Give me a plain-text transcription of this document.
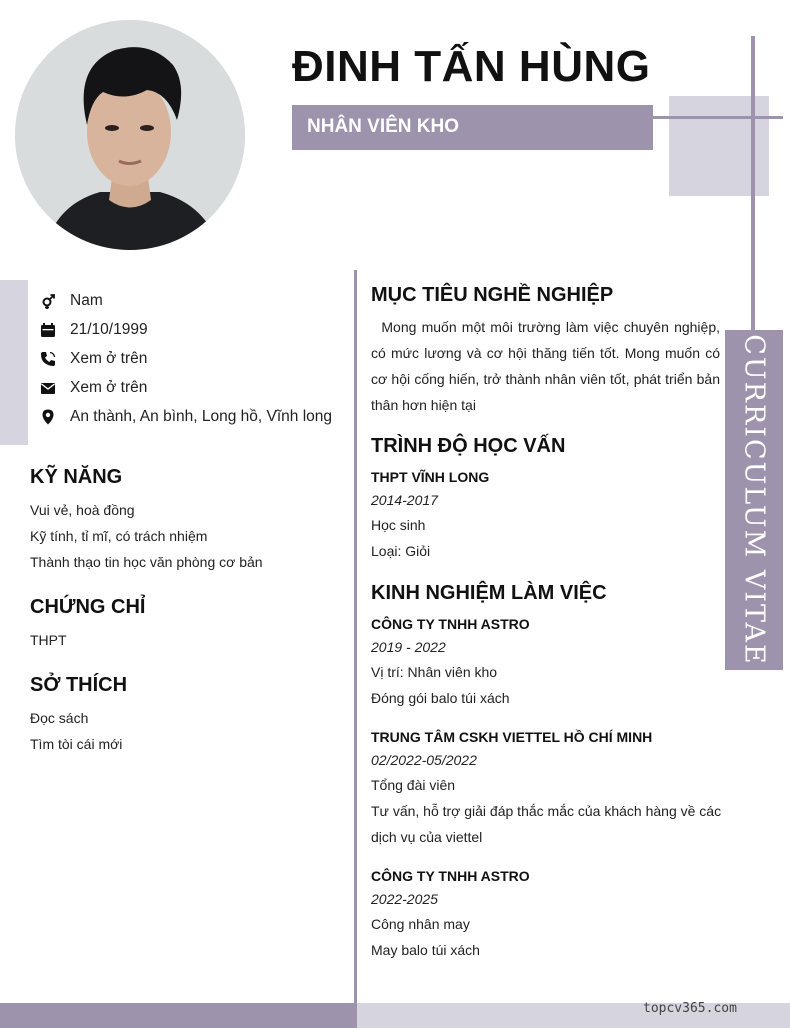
CURRICULUM VITAE
ĐINH TẤN HÙNG
NHÂN VIÊN KHO
Nam
21/10/1999
Xem ở trên
Xem ở trên
An thành, An bình, Long hồ, Vĩnh long
KỸ NĂNG
Vui vẻ, hoà đồng
Kỹ tính, tỉ mĩ, có trách nhiệm
Thành thạo tin học văn phòng cơ bản
CHỨNG CHỈ
THPT
SỞ THÍCH
Đọc sách
Tìm tòi cái mới
MỤC TIÊU NGHỀ NGHIỆP
Mong muốn một môi trường làm việc chuyên nghiệp, có mức lương và cơ hội thăng tiến tốt. Mong muốn có cơ hội cống hiến, trở thành nhân viên tốt, phát triển bản thân hơn hiện tại
TRÌNH ĐỘ HỌC VẤN
THPT VĨNH LONG
2014-2017
Học sinh
Loại: Giỏi
KINH NGHIỆM LÀM VIỆC
CÔNG TY TNHH ASTRO
2019 - 2022
Vị trí: Nhân viên kho
Đóng gói balo túi xách
TRUNG TÂM CSKH VIETTEL HỒ CHÍ MINH
02/2022-05/2022
Tổng đài viên
Tư vấn, hỗ trợ giải đáp thắc mắc của khách hàng về các
dịch vụ của viettel
CÔNG TY TNHH ASTRO
2022-2025
Công nhân may
May balo túi xách
topcv365.com
